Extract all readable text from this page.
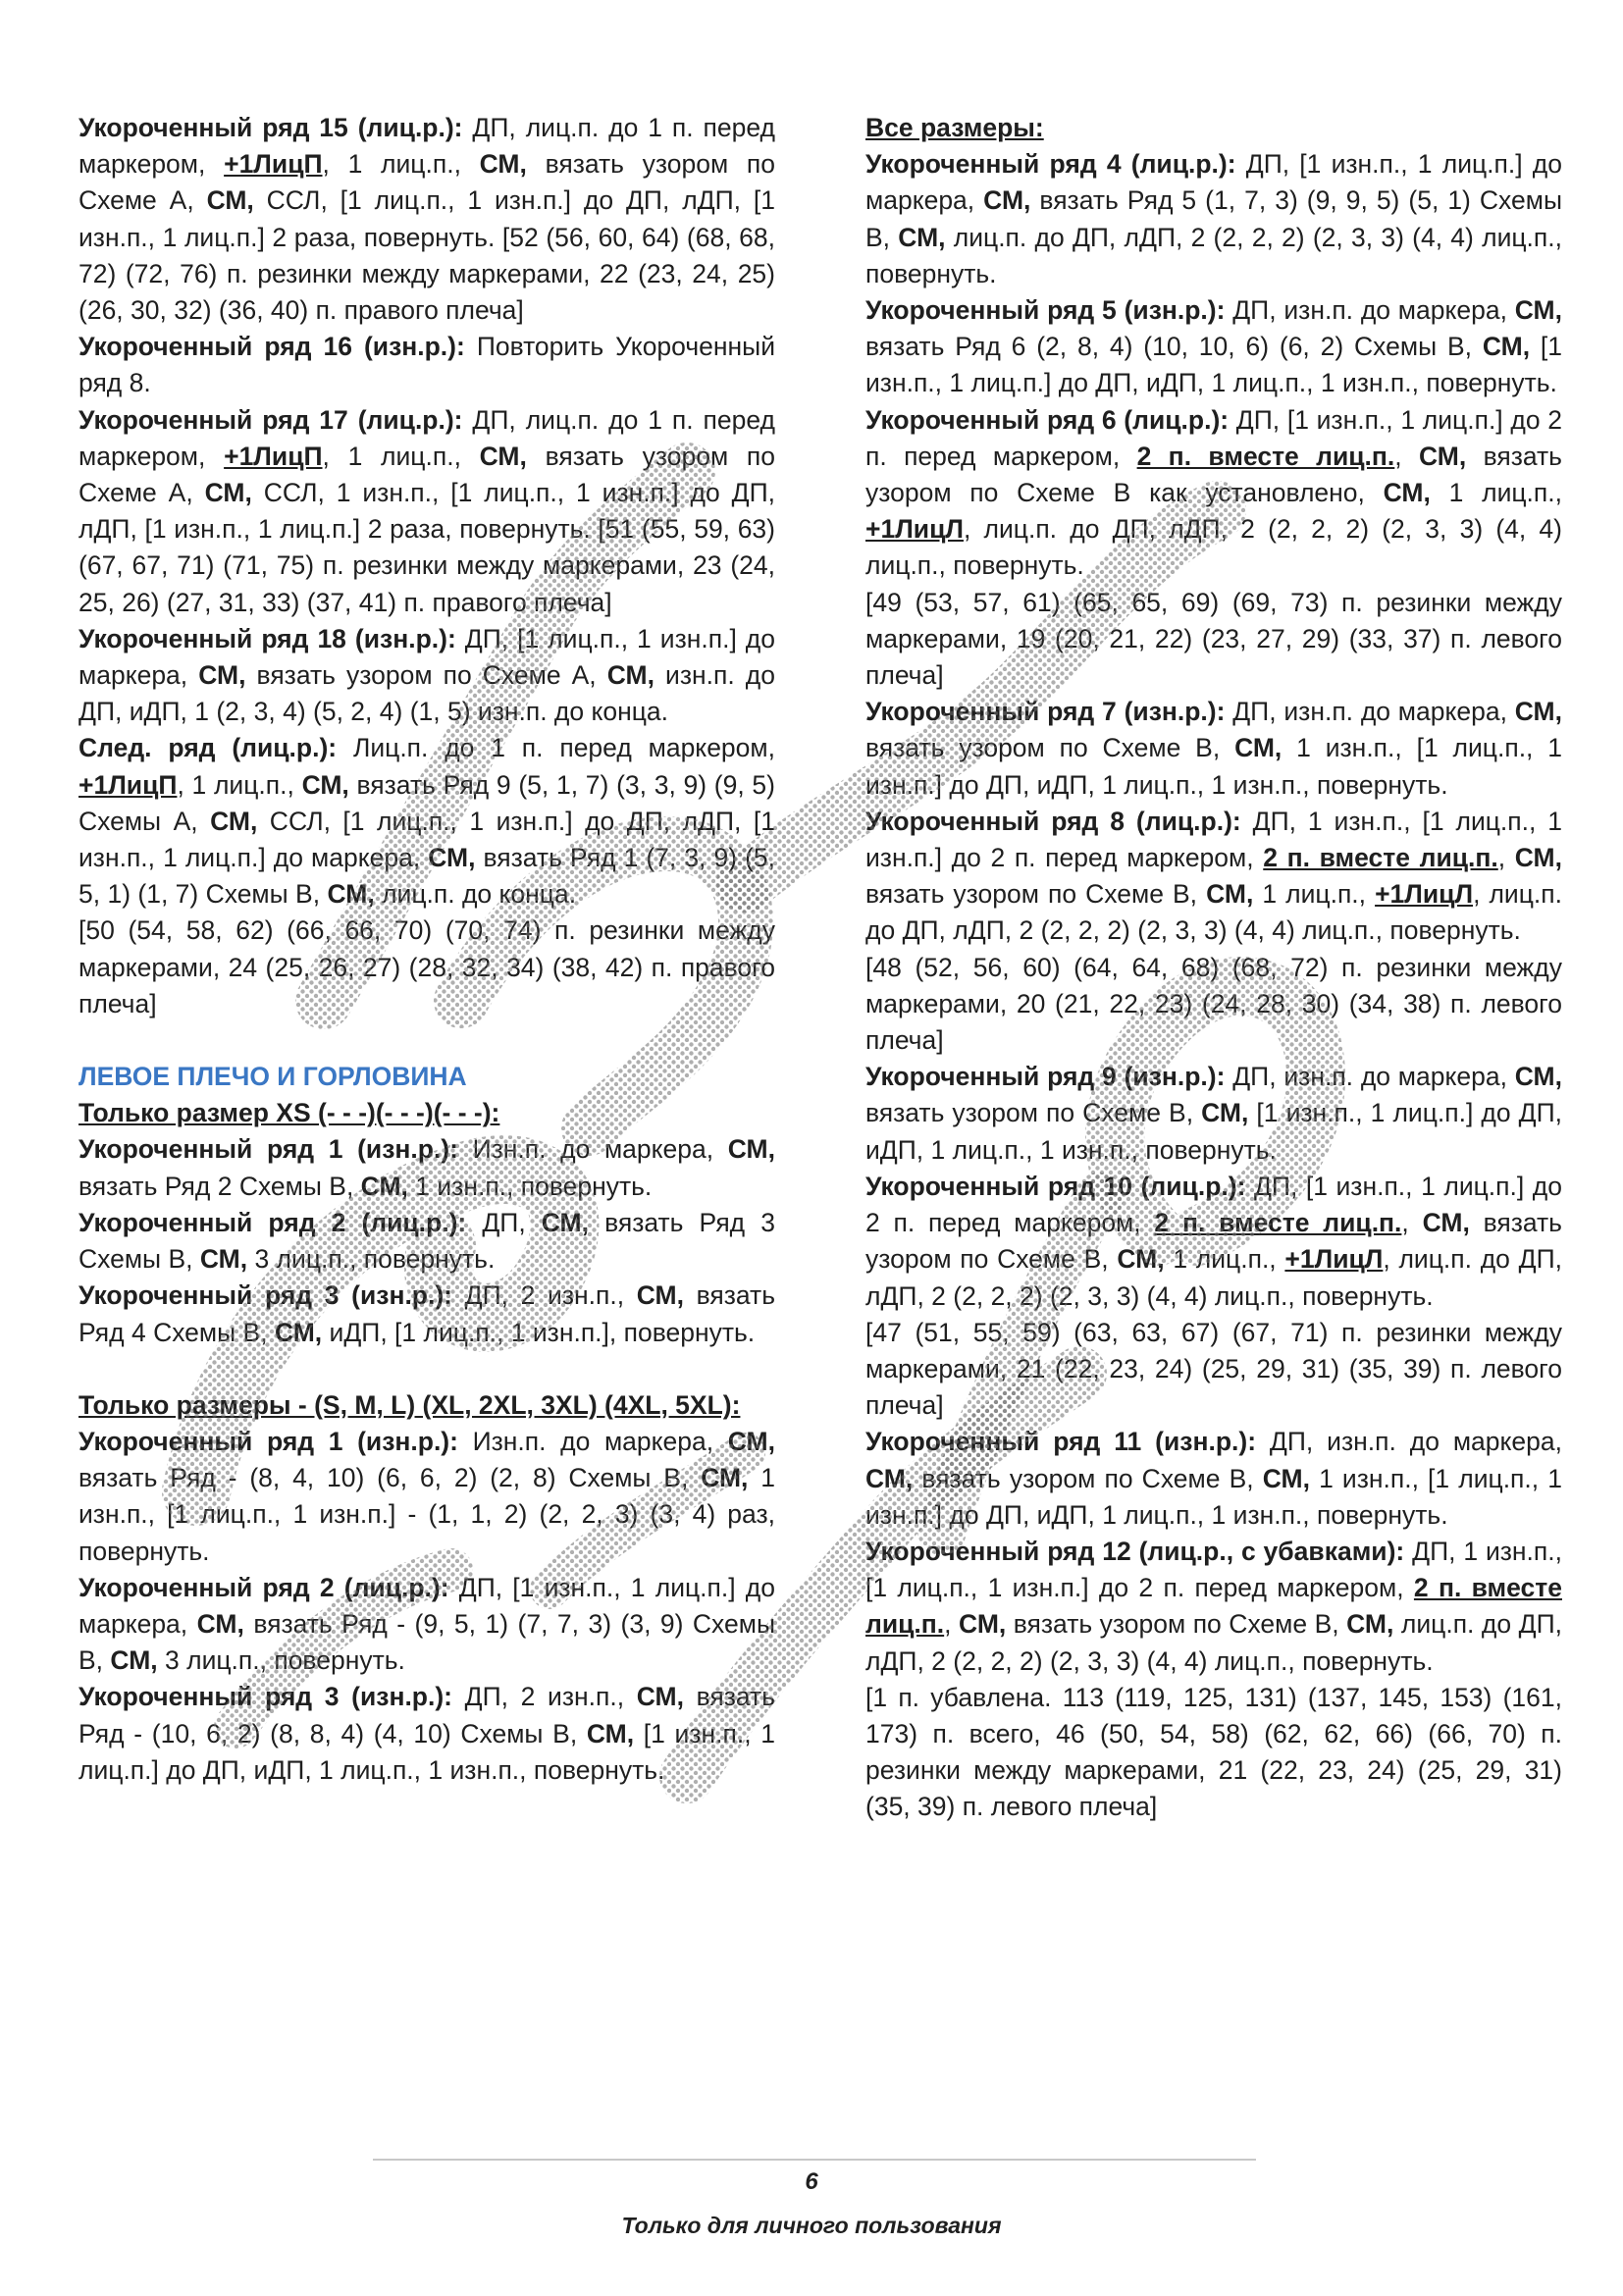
Укороченный ряд 15 (лиц.р.): ДП, лиц.п. до 1 п. перед маркером, +1ЛицП, 1 лиц.п., СМ, вязать узором по Схеме А, СМ, ССЛ, [1 лиц.п., 1 изн.п.] до ДП, лДП, [1 изн.п., 1 лиц.п.] 2 раза, повернуть. [52 (56, 60, 64) (68, 68, 72) (72, 76) п. резинки между маркерами, 22 (23, 24, 25) (26, 30, 32) (36, 40) п. правого плеча]

Укороченный ряд 16 (изн.р.): Повторить Укороченный ряд 8.

Укороченный ряд 17 (лиц.р.): ДП, лиц.п. до 1 п. перед маркером, +1ЛицП, 1 лиц.п., СМ, вязать узором по Схеме А, СМ, ССЛ, 1 изн.п., [1 лиц.п., 1 изн.п.] до ДП, лДП, [1 изн.п., 1 лиц.п.] 2 раза, повернуть. [51 (55, 59, 63) (67, 67, 71) (71, 75) п. резинки между маркерами, 23 (24, 25, 26) (27, 31, 33) (37, 41) п. правого плеча]

Укороченный ряд 18 (изн.р.): ДП, [1 лиц.п., 1 изн.п.] до маркера, СМ, вязать узором по Схеме А, СМ, изн.п. до ДП, иДП, 1 (2, 3, 4) (5, 2, 4) (1, 5) изн.п. до конца.

След. ряд (лиц.р.): Лиц.п. до 1 п. перед маркером, +1ЛицП, 1 лиц.п., СМ, вязать Ряд 9 (5, 1, 7) (3, 3, 9) (9, 5) Схемы А, СМ, ССЛ, [1 лиц.п., 1 изн.п.] до ДП, лДП, [1 изн.п., 1 лиц.п.] до маркера, СМ, вязать Ряд 1 (7, 3, 9) (5, 5, 1) (1, 7) Схемы В, СМ, лиц.п. до конца.

[50 (54, 58, 62) (66, 66, 70) (70, 74) п. резинки между маркерами, 24 (25, 26, 27) (28, 32, 34) (38, 42) п. правого плеча]

ЛЕВОЕ ПЛЕЧО И ГОРЛОВИНА

Только размер XS (- - -)(- - -)(- - -):

Укороченный ряд 1 (изн.р.): Изн.п. до маркера, СМ, вязать Ряд 2 Схемы В, СМ, 1 изн.п., повернуть.

Укороченный ряд 2 (лиц.р.): ДП, СМ, вязать Ряд 3 Схемы В, СМ, 3 лиц.п., повернуть.

Укороченный ряд 3 (изн.р.): ДП, 2 изн.п., СМ, вязать Ряд 4 Схемы В, СМ, иДП, [1 лиц.п., 1 изн.п.], повернуть.

Только размеры - (S, M, L) (XL, 2XL, 3XL) (4XL, 5XL):

Укороченный ряд 1 (изн.р.): Изн.п. до маркера, СМ, вязать Ряд - (8, 4, 10) (6, 6, 2) (2, 8) Схемы В, СМ, 1 изн.п., [1 лиц.п., 1 изн.п.] - (1, 1, 2) (2, 2, 3) (3, 4) раз, повернуть.

Укороченный ряд 2 (лиц.р.): ДП, [1 изн.п., 1 лиц.п.] до маркера, СМ, вязать Ряд - (9, 5, 1) (7, 7, 3) (3, 9) Схемы В, СМ, 3 лиц.п., повернуть.

Укороченный ряд 3 (изн.р.): ДП, 2 изн.п., СМ, вязать Ряд - (10, 6, 2) (8, 8, 4) (4, 10) Схемы В, СМ, [1 изн.п., 1 лиц.п.] до ДП, иДП, 1 лиц.п., 1 изн.п., повернуть.

Все размеры:

Укороченный ряд 4 (лиц.р.): ДП, [1 изн.п., 1 лиц.п.] до маркера, СМ, вязать Ряд 5 (1, 7, 3) (9, 9, 5) (5, 1) Схемы В, СМ, лиц.п. до ДП, лДП, 2 (2, 2, 2) (2, 3, 3) (4, 4) лиц.п., повернуть.

Укороченный ряд 5 (изн.р.): ДП, изн.п. до маркера, СМ, вязать Ряд 6 (2, 8, 4) (10, 10, 6) (6, 2) Схемы В, СМ, [1 изн.п., 1 лиц.п.] до ДП, иДП, 1 лиц.п., 1 изн.п., повернуть.

Укороченный ряд 6 (лиц.р.): ДП, [1 изн.п., 1 лиц.п.] до 2 п. перед маркером, 2 п. вместе лиц.п., СМ, вязать узором по Схеме В как установлено, СМ, 1 лиц.п., +1ЛицЛ, лиц.п. до ДП, лДП, 2 (2, 2, 2) (2, 3, 3) (4, 4) лиц.п., повернуть.

[49 (53, 57, 61) (65, 65, 69) (69, 73) п. резинки между маркерами, 19 (20, 21, 22) (23, 27, 29) (33, 37) п. левого плеча]

Укороченный ряд 7 (изн.р.): ДП, изн.п. до маркера, СМ, вязать узором по Схеме В, СМ, 1 изн.п., [1 лиц.п., 1 изн.п.] до ДП, иДП, 1 лиц.п., 1 изн.п., повернуть.

Укороченный ряд 8 (лиц.р.): ДП, 1 изн.п., [1 лиц.п., 1 изн.п.] до 2 п. перед маркером, 2 п. вместе лиц.п., СМ, вязать узором по Схеме В, СМ, 1 лиц.п., +1ЛицЛ, лиц.п. до ДП, лДП, 2 (2, 2, 2) (2, 3, 3) (4, 4) лиц.п., повернуть.

[48 (52, 56, 60) (64, 64, 68) (68, 72) п. резинки между маркерами, 20 (21, 22, 23) (24, 28, 30) (34, 38) п. левого плеча]

Укороченный ряд 9 (изн.р.): ДП, изн.п. до маркера, СМ, вязать узором по Схеме В, СМ, [1 изн.п., 1 лиц.п.] до ДП, иДП, 1 лиц.п., 1 изн.п., повернуть.

Укороченный ряд 10 (лиц.р.): ДП, [1 изн.п., 1 лиц.п.] до 2 п. перед маркером, 2 п. вместе лиц.п., СМ, вязать узором по Схеме В, СМ, 1 лиц.п., +1ЛицЛ, лиц.п. до ДП, лДП, 2 (2, 2, 2) (2, 3, 3) (4, 4) лиц.п., повернуть.

[47 (51, 55, 59) (63, 63, 67) (67, 71) п. резинки между маркерами, 21 (22, 23, 24) (25, 29, 31) (35, 39) п. левого плеча]

Укороченный ряд 11 (изн.р.): ДП, изн.п. до маркера, СМ, вязать узором по Схеме В, СМ, 1 изн.п., [1 лиц.п., 1 изн.п.] до ДП, иДП, 1 лиц.п., 1 изн.п., повернуть.

Укороченный ряд 12 (лиц.р., с убавками): ДП, 1 изн.п., [1 лиц.п., 1 изн.п.] до 2 п. перед маркером, 2 п. вместе лиц.п., СМ, вязать узором по Схеме В, СМ, лиц.п. до ДП, лДП, 2 (2, 2, 2) (2, 3, 3) (4, 4) лиц.п., повернуть.

[1 п. убавлена. 113 (119, 125, 131) (137, 145, 153) (161, 173) п. всего, 46 (50, 54, 58) (62, 62, 66) (66, 70) п. резинки между маркерами, 21 (22, 23, 24) (25, 29, 31) (35, 39) п. левого плеча]

6
Только для личного пользования
